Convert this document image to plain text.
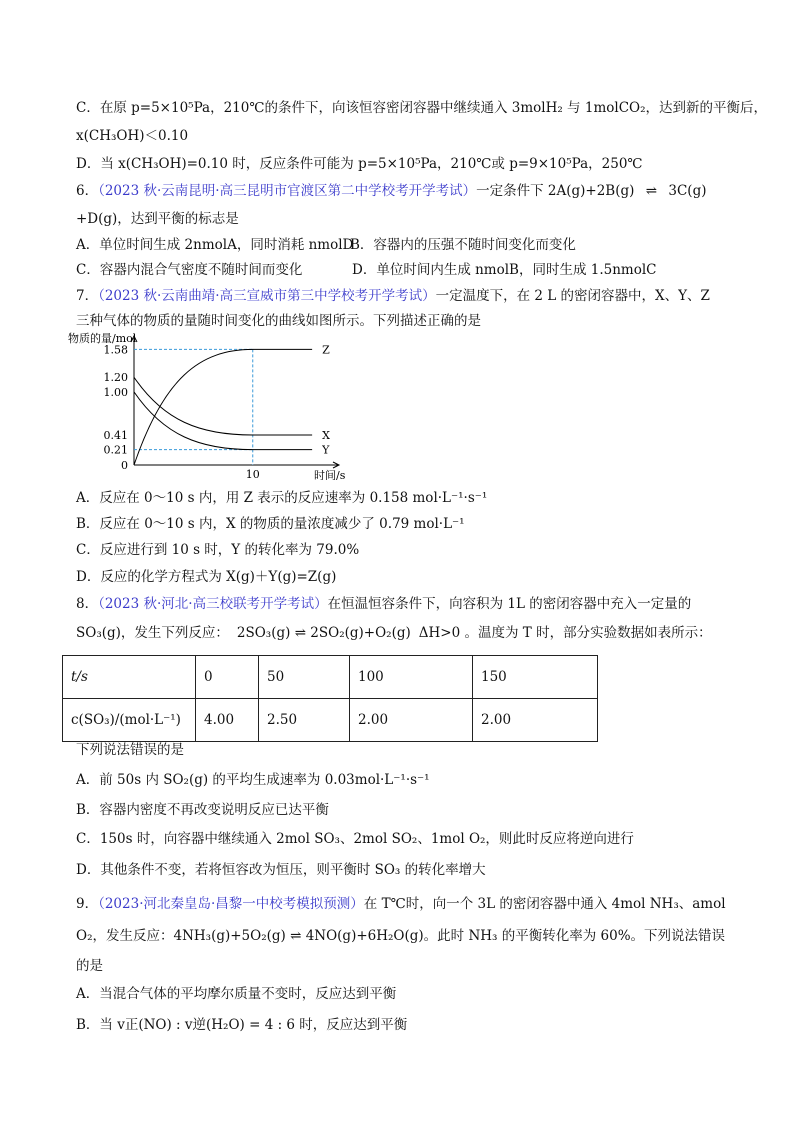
C．在原 p=5×10⁵Pa，210℃的条件下，向该恒容密闭容器中继续通入 3molH₂ 与 1molCO₂，达到新的平衡后，
x(CH₃OH)＜0.10
D．当 x(CH₃OH)=0.10 时，反应条件可能为 p=5×10⁵Pa，210℃或 p=9×10⁵Pa，250℃
6．（2023 秋·云南昆明·高三昆明市官渡区第二中学校考开学考试）一定条件下 2A(g)+2B(g) ⇌ 3C(g)
+D(g)，达到平衡的标志是
A．单位时间生成 2nmolA，同时消耗 nmolD
B．容器内的压强不随时间变化而变化
C．容器内混合气密度不随时间而变化	D．单位时间内生成 nmolB，同时生成 1.5nmolC
7．（2023 秋·云南曲靖·高三宣威市第三中学校考开学考试）一定温度下，在 2 L 的密闭容器中，X、Y、Z
三种气体的物质的量随时间变化的曲线如图所示。下列描述正确的是
物质的量/mol
时间/s
1.58
1.20
1.00
0.41
0.21
0
10
Z
X
Y
A．反应在 0～10 s 内，用 Z 表示的反应速率为 0.158 mol·L⁻¹·s⁻¹
B．反应在 0～10 s 内，X 的物质的量浓度减少了 0.79 mol·L⁻¹
C．反应进行到 10 s 时，Y 的转化率为 79.0%
D．反应的化学方程式为 X(g)＋Y(g)=Z(g)
8．（2023 秋·河北·高三校联考开学考试）在恒温恒容条件下，向容积为 1L 的密闭容器中充入一定量的
SO₃(g)，发生下列反应： 2SO₃(g) ⇌ 2SO₂(g)+O₂(g) ΔH>0 。温度为 T 时，部分实验数据如表所示：
t/s	0	50	100	150
c(SO₃)/(mol·L⁻¹)	4.00	2.50	2.00	2.00
下列说法错误的是
A．前 50s 内 SO₂(g) 的平均生成速率为 0.03mol·L⁻¹·s⁻¹
B．容器内密度不再改变说明反应已达平衡
C．150s 时，向容器中继续通入 2mol SO₃、2mol SO₂、1mol O₂，则此时反应将逆向进行
D．其他条件不变，若将恒容改为恒压，则平衡时 SO₃ 的转化率增大
9．（2023·河北秦皇岛·昌黎一中校考模拟预测）在 T℃时，向一个 3L 的密闭容器中通入 4mol NH₃、amol
O₂，发生反应：4NH₃(g)+5O₂(g) ⇌ 4NO(g)+6H₂O(g)。此时 NH₃ 的平衡转化率为 60%。下列说法错误
的是
A．当混合气体的平均摩尔质量不变时，反应达到平衡
B．当 v正(NO) : v逆(H₂O) = 4 : 6 时，反应达到平衡
